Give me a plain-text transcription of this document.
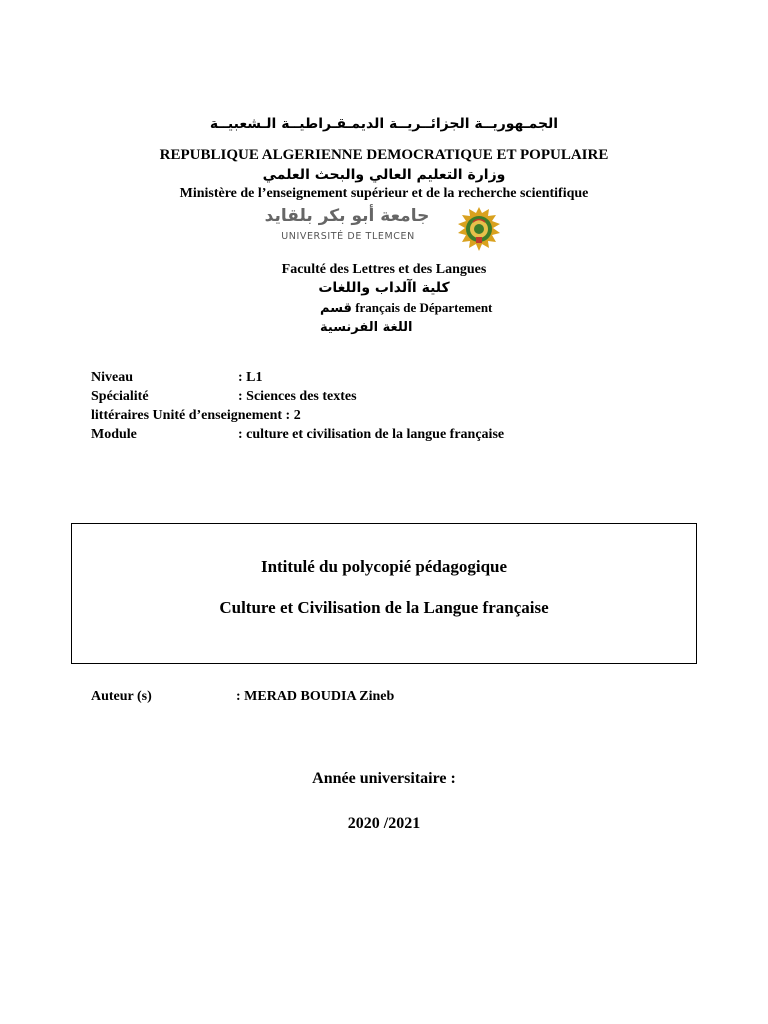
الجمـهوريــة الجزائــريــة الديمـقـراطيــة الـشعبيــة
REPUBLIQUE ALGERIENNE DEMOCRATIQUE ET POPULAIRE
وزارة التعليم العالي والبحث العلمي
Ministère de l’enseignement supérieur et de la recherche scientifique
جامعة أبو بكر بلقايد
UNIVERSITÉ DE TLEMCEN
Faculté des Lettres et des Langues
كلية اآلداب واللغات
قسم français de Département
اللغة الفرنسية
Niveau	: L1
Spécialité	: Sciences des textes
littéraires Unité d’enseignement : 2
Module	: culture et civilisation de la langue française
Intitulé du polycopié pédagogique
Culture et Civilisation de la Langue française
Auteur (s)	: MERAD BOUDIA Zineb
Année universitaire :
2020 /2021
